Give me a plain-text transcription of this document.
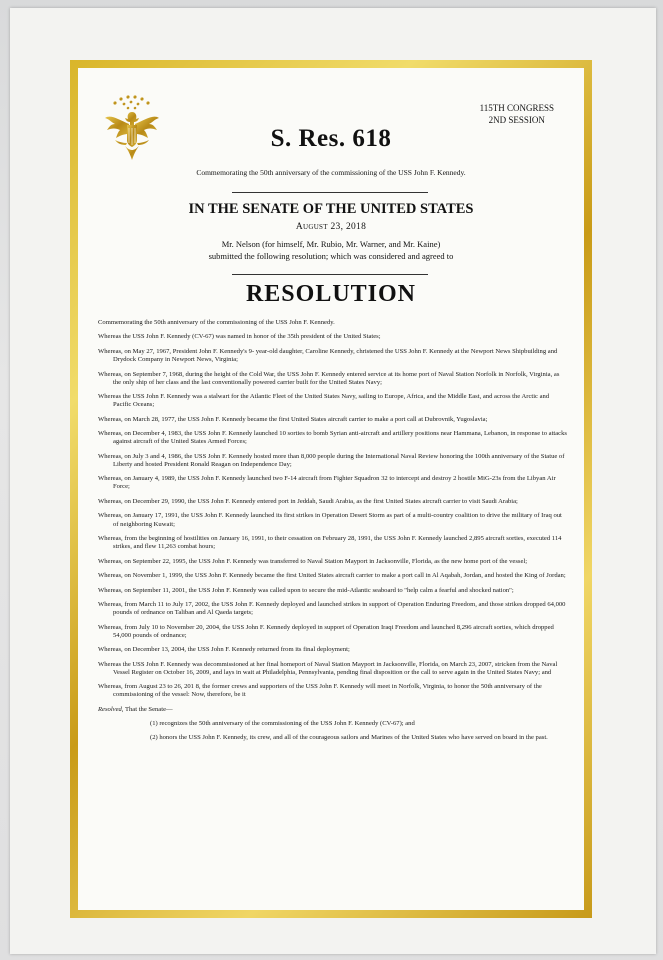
115TH CONGRESS
2ND SESSION
S. Res. 618
Commemorating the 50th anniversary of the commissioning of the USS John F. Kennedy.
IN THE SENATE OF THE UNITED STATES
August 23, 2018
Mr. Nelson (for himself, Mr. Rubio, Mr. Warner, and Mr. Kaine)
submitted the following resolution; which was considered and agreed to
RESOLUTION

Commemorating the 50th anniversary of the commissioning of the USS John F. Kennedy.

Whereas the USS John F. Kennedy (CV-67) was named in honor of the 35th president of the United States;

Whereas, on May 27, 1967, President John F. Kennedy's 9- year-old daughter, Caroline Kennedy, christened the USS John F. Kennedy at the Newport News Shipbuilding and Drydock Company in Newport News, Virginia;

Whereas, on September 7, 1968, during the height of the Cold War, the USS John F. Kennedy entered service at its home port of Naval Station Norfolk in Norfolk, Virginia, as the only ship of her class and the last conventionally powered carrier built for the United States Navy;

Whereas the USS John F. Kennedy was a stalwart for the Atlantic Fleet of the United States Navy, sailing to Europe, Africa, and the Middle East, and across the Arctic and Pacific Oceans;

Whereas, on March 28, 1977, the USS John F. Kennedy became the first United States aircraft carrier to make a port call at Dubrovnik, Yugoslavia;

Whereas, on December 4, 1983, the USS John F. Kennedy launched 10 sorties to bomb Syrian anti-aircraft and artillery positions near Hammana, Lebanon, in response to attacks against aircraft of the United States Armed Forces;

Whereas, on July 3 and 4, 1986, the USS John F. Kennedy hosted more than 8,000 people during the International Naval Review honoring the 100th anniversary of the Statue of Liberty and hosted President Ronald Reagan on Independence Day;

Whereas, on January 4, 1989, the USS John F. Kennedy launched two F-14 aircraft from Fighter Squadron 32 to intercept and destroy 2 hostile MiG-23s from the Libyan Air Force;

Whereas, on December 29, 1990, the USS John F. Kennedy entered port in Jeddah, Saudi Arabia, as the first United States aircraft carrier to visit Saudi Arabia;

Whereas, on January 17, 1991, the USS John F. Kennedy launched its first strikes in Operation Desert Storm as part of a multi-country coalition to drive the military of Iraq out of neighboring Kuwait;

Whereas, from the beginning of hostilities on January 16, 1991, to their cessation on February 28, 1991, the USS John F. Kennedy launched 2,895 aircraft sorties, executed 114 strikes, and flew 11,263 combat hours;

Whereas, on September 22, 1995, the USS John F. Kennedy was transferred to Naval Station Mayport in Jacksonville, Florida, as the new home port of the vessel;

Whereas, on November 1, 1999, the USS John F. Kennedy became the first United States aircraft carrier to make a port call in Al Aqabah, Jordan, and hosted the King of Jordan;

Whereas, on September 11, 2001, the USS John F. Kennedy was called upon to secure the mid-Atlantic seaboard to "help calm a fearful and shocked nation";

Whereas, from March 11 to July 17, 2002, the USS John F. Kennedy deployed and launched strikes in support of Operation Enduring Freedom, and those strikes dropped 64,000 pounds of ordnance on Taliban and Al Qaeda targets;

Whereas, from July 10 to November 20, 2004, the USS John F. Kennedy deployed in support of Operation Iraqi Freedom and launched 8,296 aircraft sorties, which dropped 54,000 pounds of ordnance;

Whereas, on December 13, 2004, the USS John F. Kennedy returned from its final deployment;

Whereas the USS John F. Kennedy was decommissioned at her final homeport of Naval Station Mayport in Jacksonville, Florida, on March 23, 2007, stricken from the Naval Vessel Register on October 16, 2009, and lays in wait at Philadelphia, Pennsylvania, pending final disposition or the call to serve again in the United States Navy; and

Whereas, from August 23 to 26, 201 8, the former crews and supporters of the USS John F. Kennedy will meet in Norfolk, Virginia, to honor the 50th anniversary of the commissioning of the vessel: Now, therefore, be it

Resolved, That the Senate—

(1) recognizes the 50th anniversary of the commissioning of the USS John F. Kennedy (CV-67); and

(2) honors the USS John F. Kennedy, its crew, and all of the courageous sailors and Marines of the United States who have served on board in the past.
